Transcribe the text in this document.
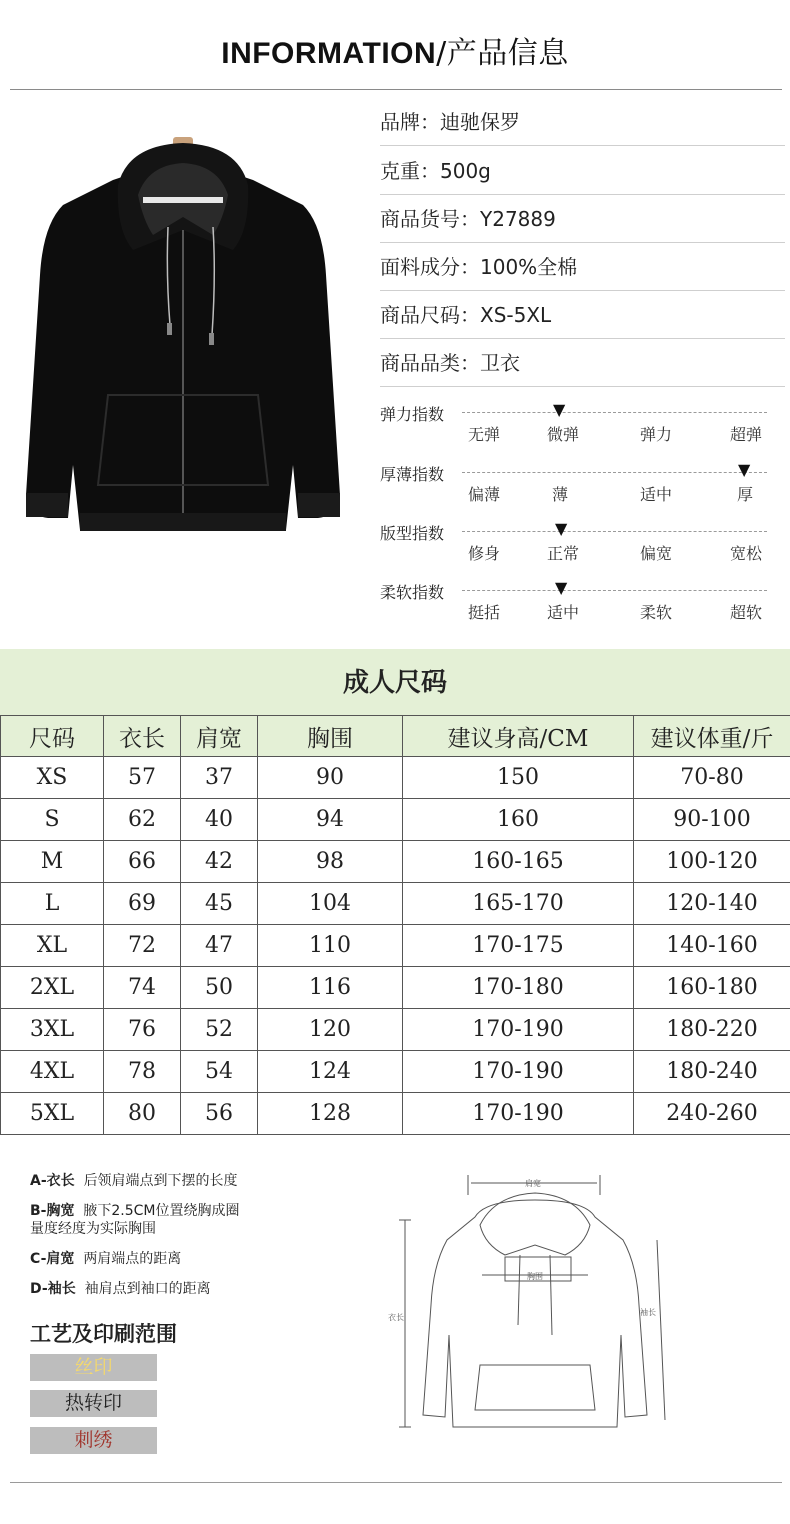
INFORMATION/产品信息
品牌：迪驰保罗
克重：500g
商品货号：Y27889
面料成分：100%全棉
商品尺码：XS-5XL
商品品类：卫衣
弹力指数	▼
无弹	微弹	弹力	超弹
厚薄指数	▼
偏薄	薄	适中	厚
版型指数	▼
修身	正常	偏宽	宽松
柔软指数	▼
挺括	适中	柔软	超软
成人尺码
尺码	衣长	肩宽	胸围	建议身高/CM	建议体重/斤
XS	57	37	90	150	70-80
S	62	40	94	160	90-100
M	66	42	98	160-165	100-120
L	69	45	104	165-170	120-140
XL	72	47	110	170-175	140-160
2XL	74	50	116	170-180	160-180
3XL	76	52	120	170-190	180-220
4XL	78	54	124	170-190	180-240
5XL	80	56	128	170-190	240-260
A-衣长 后领肩端点到下摆的长度
B-胸宽 腋下2.5CM位置绕胸成圈
量度经度为实际胸围
C-肩宽 两肩端点的距离
D-袖长 袖肩点到袖口的距离
工艺及印刷范围
丝印
热转印
刺绣
肩宽
胸围
衣长
袖长
